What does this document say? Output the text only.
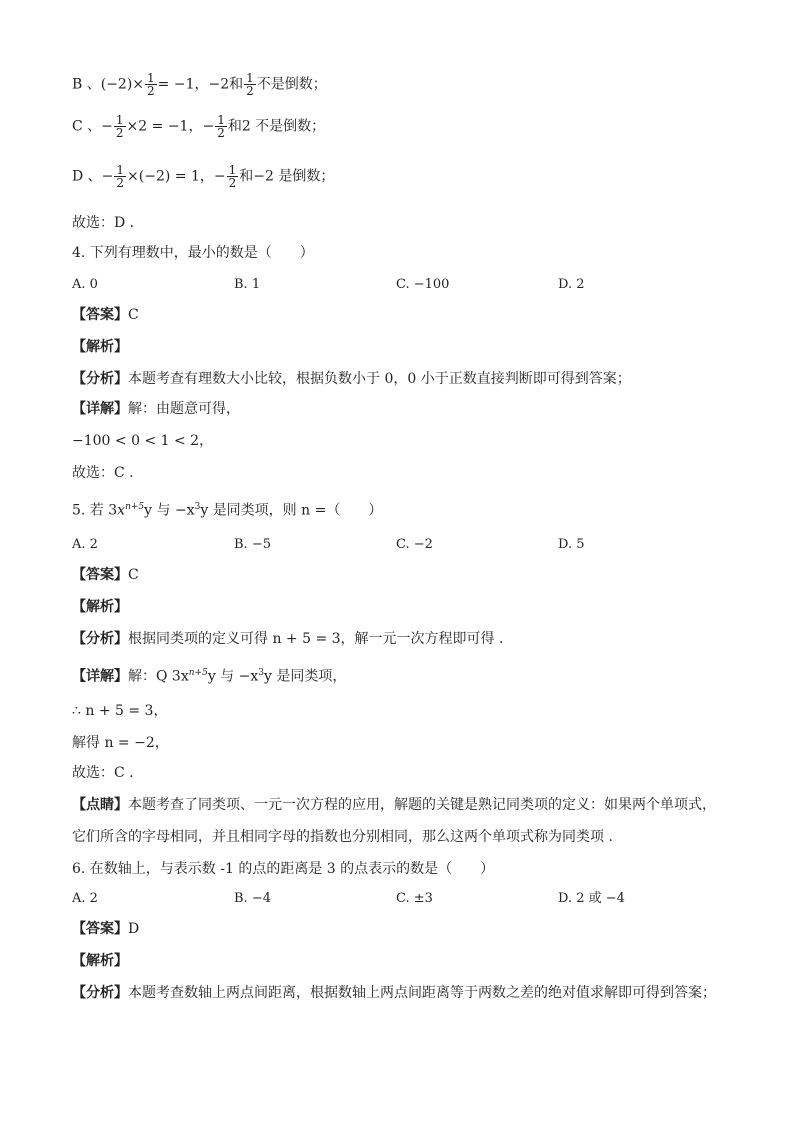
B 、$(-2)\times \frac{1}{2} = -1$，−2和 $\frac{1}{2}$ 不是倒数；
C 、− $\frac{1}{2} \times 2 = -1$，− $\frac{1}{2}$ 和2 不是倒数；
D 、− $\frac{1}{2} \times(-2) = 1$，− $\frac{1}{2}$ 和−2 是倒数；
故选：D .
4. 下列有理数中，最小的数是（　　）
A. 0	B. 1	C. −100	D. 2
【答案】C
【解析】
【分析】本题考查有理数大小比较，根据负数小于 0，0 小于正数直接判断即可得到答案；
【详解】解：由题意可得，
−100 < 0 < 1 < 2，
故选：C .
5. 若 $3x^{n+5}y$ 与 $-x^3y$ 是同类项，则 n =（　　）
A. 2	B. −5	C. −2	D. 5
【答案】C
【解析】
【分析】根据同类项的定义可得 n + 5 = 3，解一元一次方程即可得 .
【详解】解：Q $3x^{n+5}y$ 与 $-x^3y$ 是同类项，
∴ n + 5 = 3，
解得 n = −2，
故选：C .
【点睛】本题考查了同类项、一元一次方程的应用，解题的关键是熟记同类项的定义：如果两个单项式，
它们所含的字母相同，并且相同字母的指数也分别相同，那么这两个单项式称为同类项 .
6. 在数轴上，与表示数 -1 的点的距离是 3 的点表示的数是（　　）
A. 2	B. −4	C. ±3	D. 2 或 −4
【答案】D
【解析】
【分析】本题考查数轴上两点间距离，根据数轴上两点间距离等于两数之差的绝对值求解即可得到答案；
